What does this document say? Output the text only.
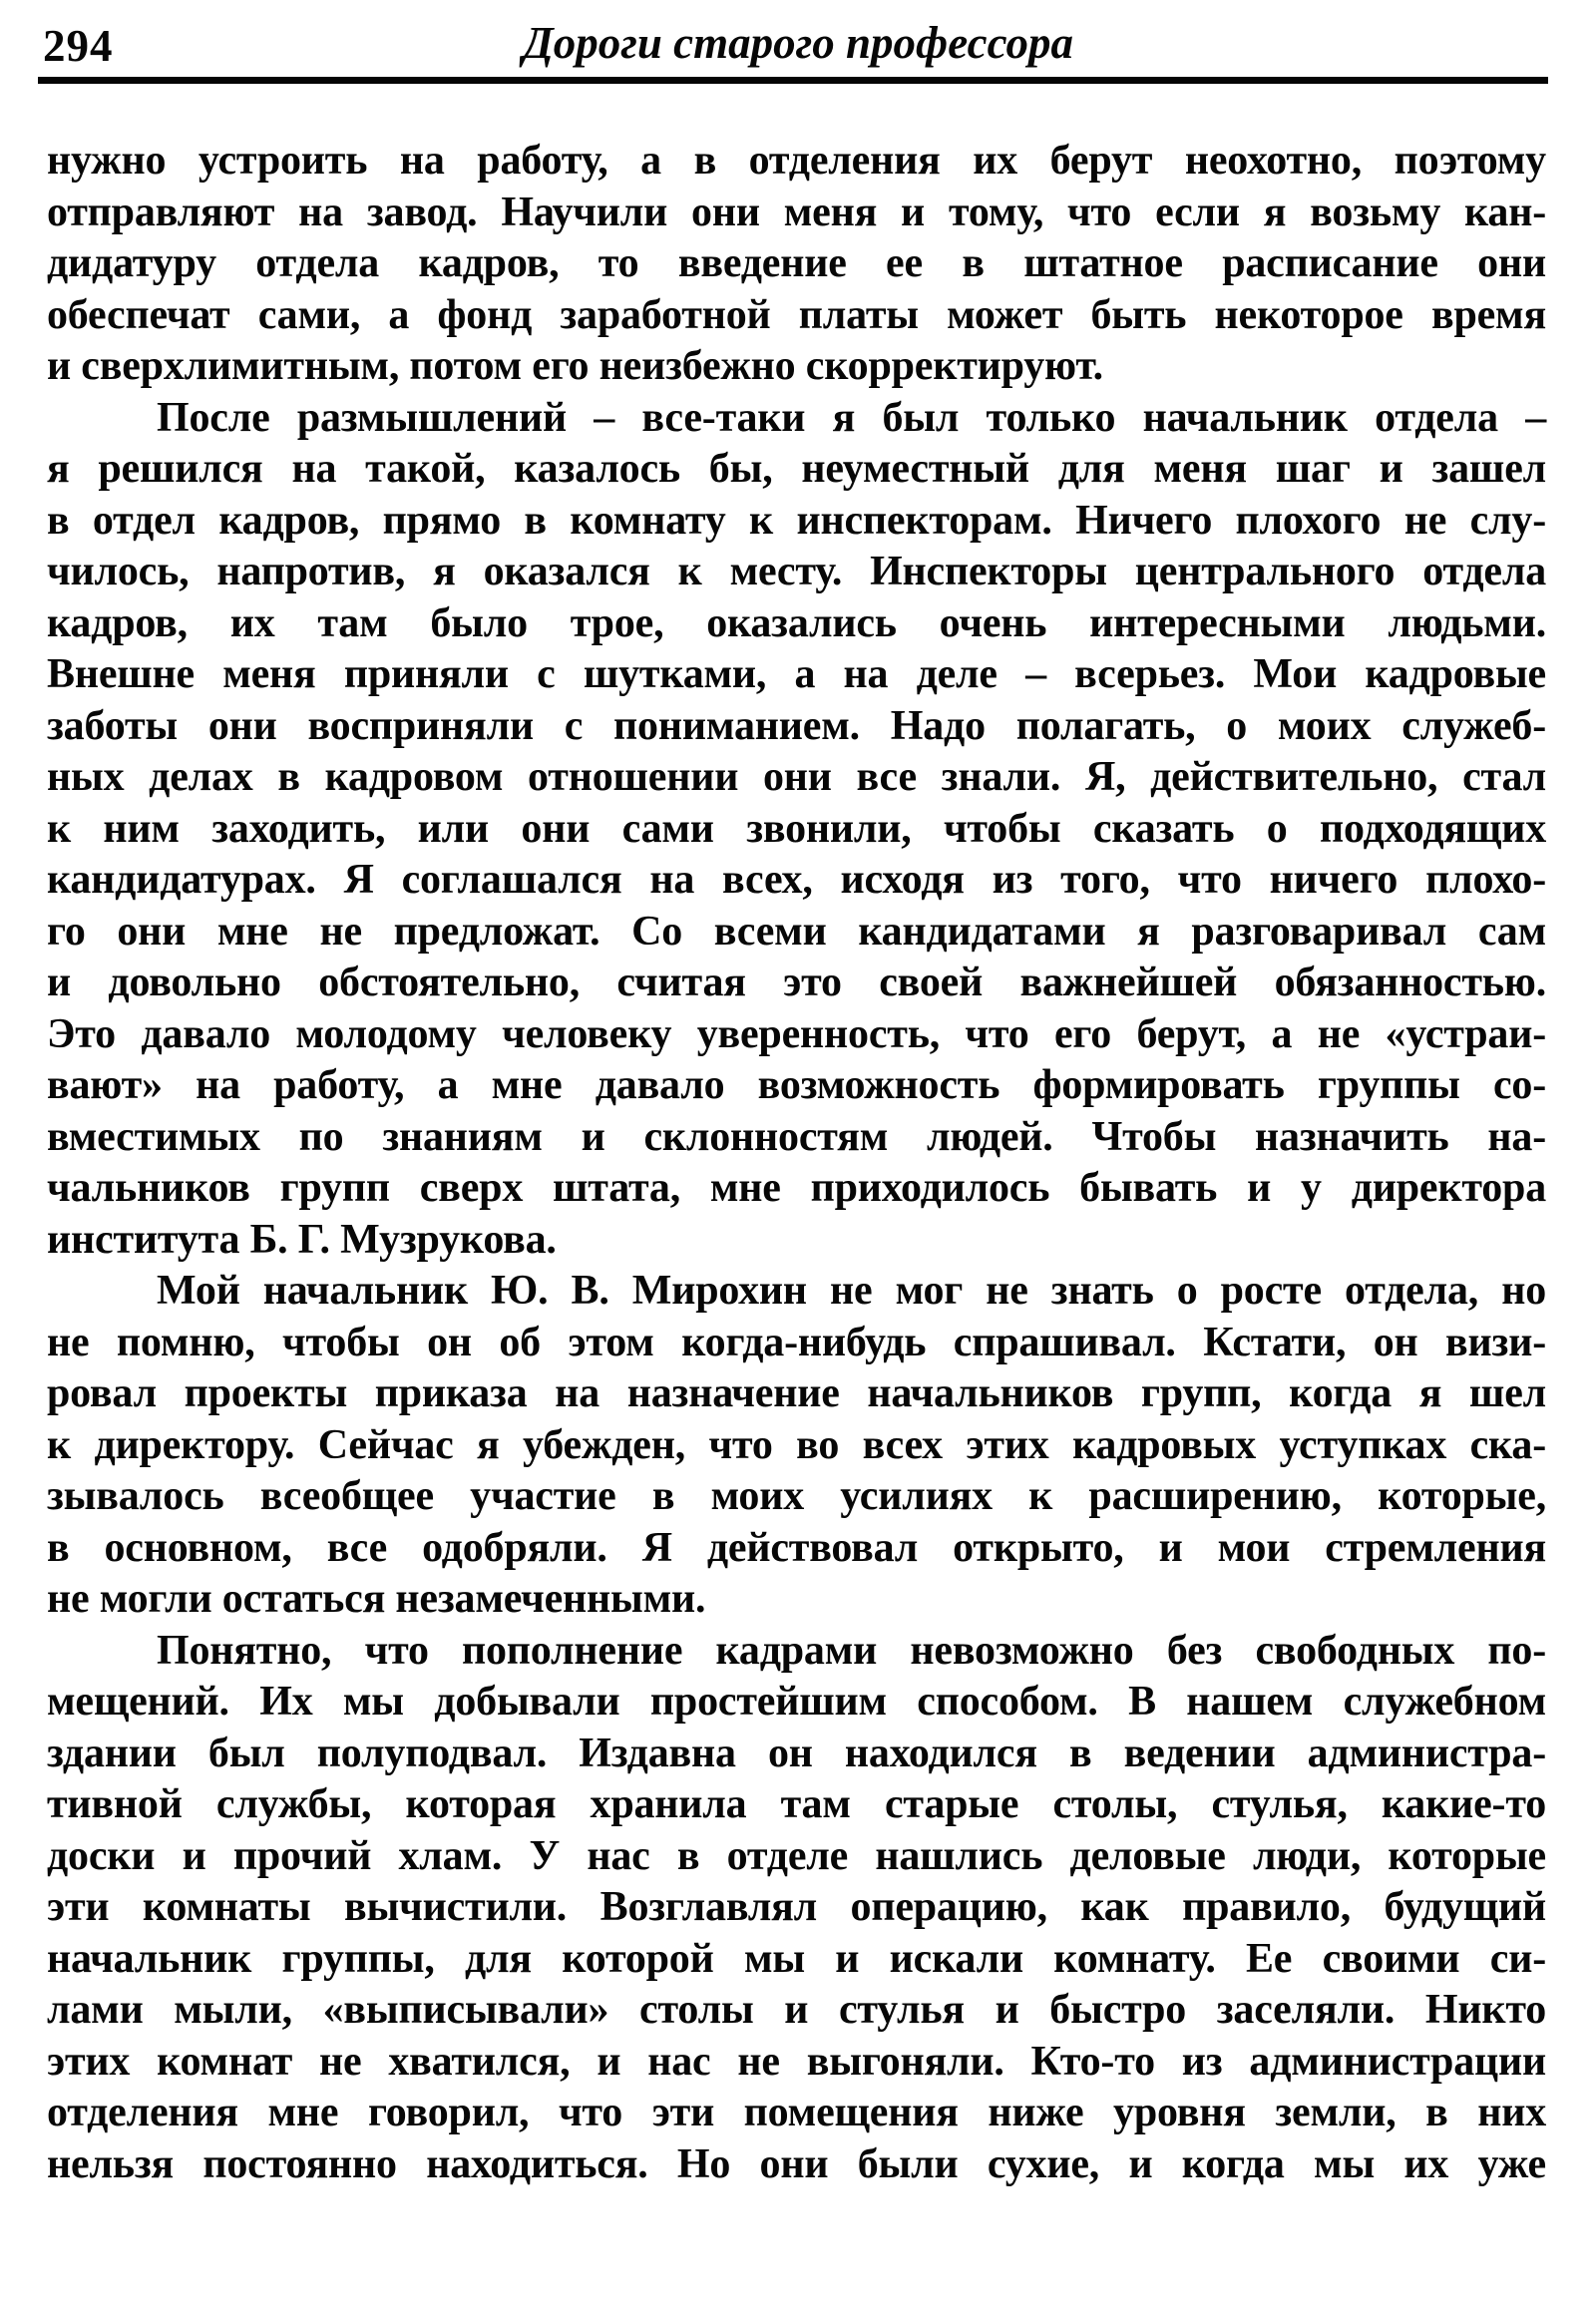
294	Дороги старого профессора
нужно устроить на работу, а в отделения их берут неохотно, поэтому
отправляют на завод. Научили они меня и тому, что если я возьму кан-
дидатуру отдела кадров, то введение ее в штатное расписание они
обеспечат сами, а фонд заработной платы может быть некоторое время
и сверхлимитным, потом его неизбежно скорректируют.
После размышлений – все-таки я был только начальник отдела –
я решился на такой, казалось бы, неуместный для меня шаг и зашел
в отдел кадров, прямо в комнату к инспекторам. Ничего плохого не слу-
чилось, напротив, я оказался к месту. Инспекторы центрального отдела
кадров, их там было трое, оказались очень интересными людьми.
Внешне меня приняли с шутками, а на деле – всерьез. Мои кадровые
заботы они восприняли с пониманием. Надо полагать, о моих служеб-
ных делах в кадровом отношении они все знали. Я, действительно, стал
к ним заходить, или они сами звонили, чтобы сказать о подходящих
кандидатурах. Я соглашался на всех, исходя из того, что ничего плохо-
го они мне не предложат. Со всеми кандидатами я разговаривал сам
и довольно обстоятельно, считая это своей важнейшей обязанностью.
Это давало молодому человеку уверенность, что его берут, а не «устраи-
вают» на работу, а мне давало возможность формировать группы со-
вместимых по знаниям и склонностям людей. Чтобы назначить на-
чальников групп сверх штата, мне приходилось бывать и у директора
института Б. Г. Музрукова.
Мой начальник Ю. В. Мирохин не мог не знать о росте отдела, но
не помню, чтобы он об этом когда-нибудь спрашивал. Кстати, он визи-
ровал проекты приказа на назначение начальников групп, когда я шел
к директору. Сейчас я убежден, что во всех этих кадровых уступках ска-
зывалось всеобщее участие в моих усилиях к расширению, которые,
в основном, все одобряли. Я действовал открыто, и мои стремления
не могли остаться незамеченными.
Понятно, что пополнение кадрами невозможно без свободных по-
мещений. Их мы добывали простейшим способом. В нашем служебном
здании был полуподвал. Издавна он находился в ведении администра-
тивной службы, которая хранила там старые столы, стулья, какие-то
доски и прочий хлам. У нас в отделе нашлись деловые люди, которые
эти комнаты вычистили. Возглавлял операцию, как правило, будущий
начальник группы, для которой мы и искали комнату. Ее своими си-
лами мыли, «выписывали» столы и стулья и быстро заселяли. Никто
этих комнат не хватился, и нас не выгоняли. Кто-то из администрации
отделения мне говорил, что эти помещения ниже уровня земли, в них
нельзя постоянно находиться. Но они были сухие, и когда мы их уже
